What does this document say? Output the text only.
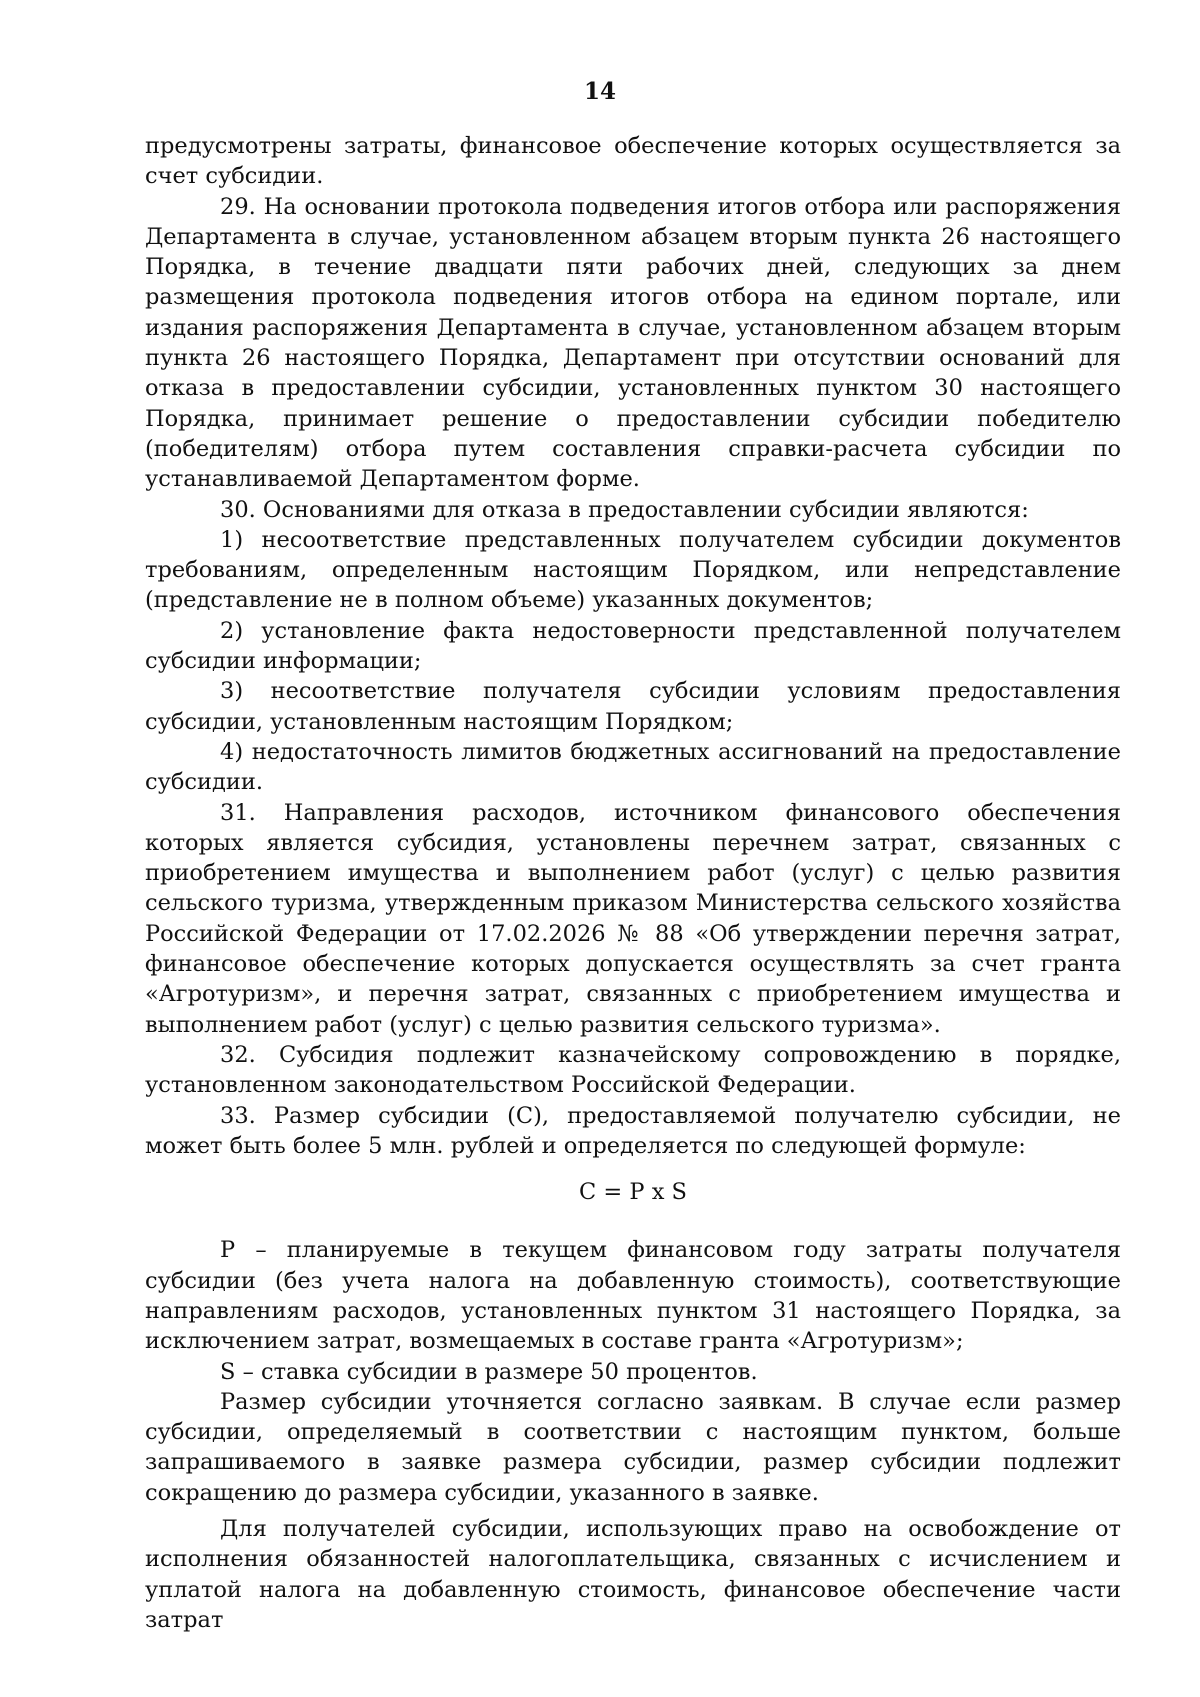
14

предусмотрены затраты, финансовое обеспечение которых осуществляется за счет субсидии.

29. На основании протокола подведения итогов отбора или распоряжения Департамента в случае, установленном абзацем вторым пункта 26 настоящего Порядка, в течение двадцати пяти рабочих дней, следующих за днем размещения протокола подведения итогов отбора на едином портале, или издания распоряжения Департамента в случае, установленном абзацем вторым пункта 26 настоящего Порядка, Департамент при отсутствии оснований для отказа в предоставлении субсидии, установленных пунктом 30 настоящего Порядка, принимает решение о предоставлении субсидии победителю (победителям) отбора путем составления справки-расчета субсидии по устанавливаемой Департаментом форме.

30. Основаниями для отказа в предоставлении субсидии являются:

1) несоответствие представленных получателем субсидии документов требованиям, определенным настоящим Порядком, или непредставление (представление не в полном объеме) указанных документов;

2) установление факта недостоверности представленной получателем субсидии информации;

3) несоответствие получателя субсидии условиям предоставления субсидии, установленным настоящим Порядком;

4) недостаточность лимитов бюджетных ассигнований на предоставление субсидии.

31. Направления расходов, источником финансового обеспечения которых является субсидия, установлены перечнем затрат, связанных с приобретением имущества и выполнением работ (услуг) с целью развития сельского туризма, утвержденным приказом Министерства сельского хозяйства Российской Федерации от 17.02.2026 № 88 «Об утверждении перечня затрат, финансовое обеспечение которых допускается осуществлять за счет гранта «Агротуризм», и перечня затрат, связанных с приобретением имущества и выполнением работ (услуг) с целью развития сельского туризма».

32. Субсидия подлежит казначейскому сопровождению в порядке, установленном законодательством Российской Федерации.

33. Размер субсидии (С), предоставляемой получателю субсидии, не может быть более 5 млн. рублей и определяется по следующей формуле:

С = P x S

P – планируемые в текущем финансовом году затраты получателя субсидии (без учета налога на добавленную стоимость), соответствующие направлениям расходов, установленных пунктом 31 настоящего Порядка, за исключением затрат, возмещаемых в составе гранта «Агротуризм»;

S – ставка субсидии в размере 50 процентов.

Размер субсидии уточняется согласно заявкам. В случае если размер субсидии, определяемый в соответствии с настоящим пунктом, больше запрашиваемого в заявке размера субсидии, размер субсидии подлежит сокращению до размера субсидии, указанного в заявке.

Для получателей субсидии, использующих право на освобождение от исполнения обязанностей налогоплательщика, связанных с исчислением и уплатой налога на добавленную стоимость, финансовое обеспечение части затрат
